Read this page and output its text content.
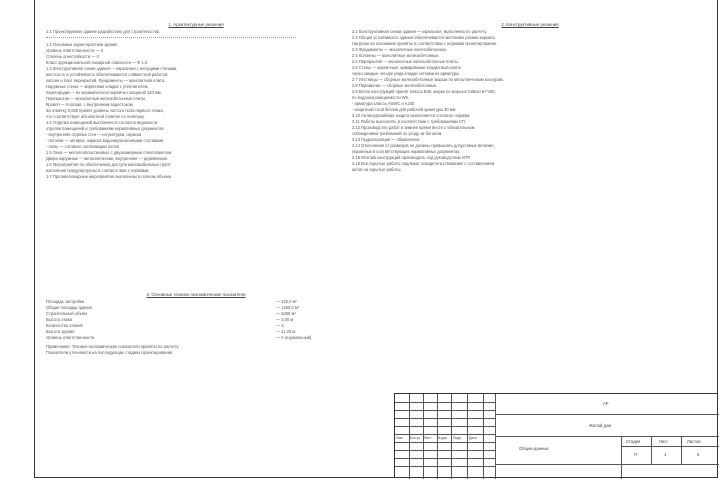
1. Архитектурные решения
1.1 Проектируемое здание разработано для строительства
1.2 Основные характеристики здания
Уровень ответственности — II
Степень огнестойкости — II
Класс функциональной пожарной опасности — Ф 1.3
1.3 Конструктивная схема здания — каркасная с несущими стенами,
жесткость и устойчивость обеспечиваются совместной работой
колонн и плит перекрытий. Фундаменты — монолитная плита.
Наружные стены — кирпичная кладка с утеплителем,
перегородки — из керамического кирпича толщиной 120 мм.
Перекрытия — монолитные железобетонные плиты.
Кровля — плоская, с внутренним водостоком.
За отметку 0,000 принят уровень чистого пола первого этажа,
что соответствует абсолютной отметке по генплану.
1.4 Отделка помещений выполняется согласно ведомости
отделки помещений и требованиям нормативных документов.
- внутренняя отделка стен — штукатурка, окраска
- потолки — затирка, окраска водоэмульсионными составами
- полы — согласно экспликации полов
1.5 Окна — металлопластиковые с двухкамерным стеклопакетом.
Двери наружные — металлические, внутренние — деревянные.
1.6 Мероприятия по обеспечению доступа маломобильных групп
населения предусмотрены в соответствии с нормами.
1.7 Противопожарные мероприятия выполнены в полном объеме.
2. Конструктивные решения
2.1 Конструктивная схема здания — каркасная, выполнена по расчету.
2.2 Общая устойчивость здания обеспечивается жесткими узлами каркаса.
Нагрузки на основание приняты в соответствии с нормами проектирования.
2.3 Фундаменты — монолитные железобетонные.
2.4 Колонны — монолитные железобетонные.
2.5 Перекрытия — монолитные железобетонные плиты.
2.6 Стены — кирпичные, армирование кладки выполнять
через каждые четыре ряда кладки сетками из арматуры.
2.7 Лестницы — сборные железобетонные марши по металлическим косоурам.
2.8 Перемычки — сборные железобетонные.
2.9 Бетон конструкций принят класса В25, марки по морозостойкости F150,
по водонепроницаемости W6.
- арматура класса А500С и А240
- защитный слой бетона для рабочей арматуры 30 мм
2.10 Антикоррозийная защита выполняется согласно нормам.
2.11 Работы выполнять в соответствии с требованиями СП.
2.12 Производство работ в зимнее время вести с обязательным
соблюдением требований по уходу за бетоном.
2.13 Гидроизоляция — обмазочная.
2.14 Отклонения от размеров не должны превышать допустимых величин,
указанных в соответствующих нормативных документах.
2.15 Монтаж конструкций производить под руководством ИТР.
2.16 Все скрытые работы подлежат освидетельствованию с составлением
актов на скрытые работы.
3. Основные технико-экономические показатели
Площадь застройки	— 420,0 м²
Общая площадь здания	— 1260,0 м²
Строительный объем	— 5400 м³
Высота этажа	— 3,00 м
Количество этажей	— 3
Высота здания	— 11,25 м
Уровень ответственности	— II (нормальный)
Примечание: Технико-экономические показатели приняты по расчету.
Показатели уточняются на последующих стадиях проектирования.
Изм. Кол.уч Лист №док. Подп. Дата
АР
Жилой дом
Общие данные
Стадия	Лист	Листов
П	1	6
